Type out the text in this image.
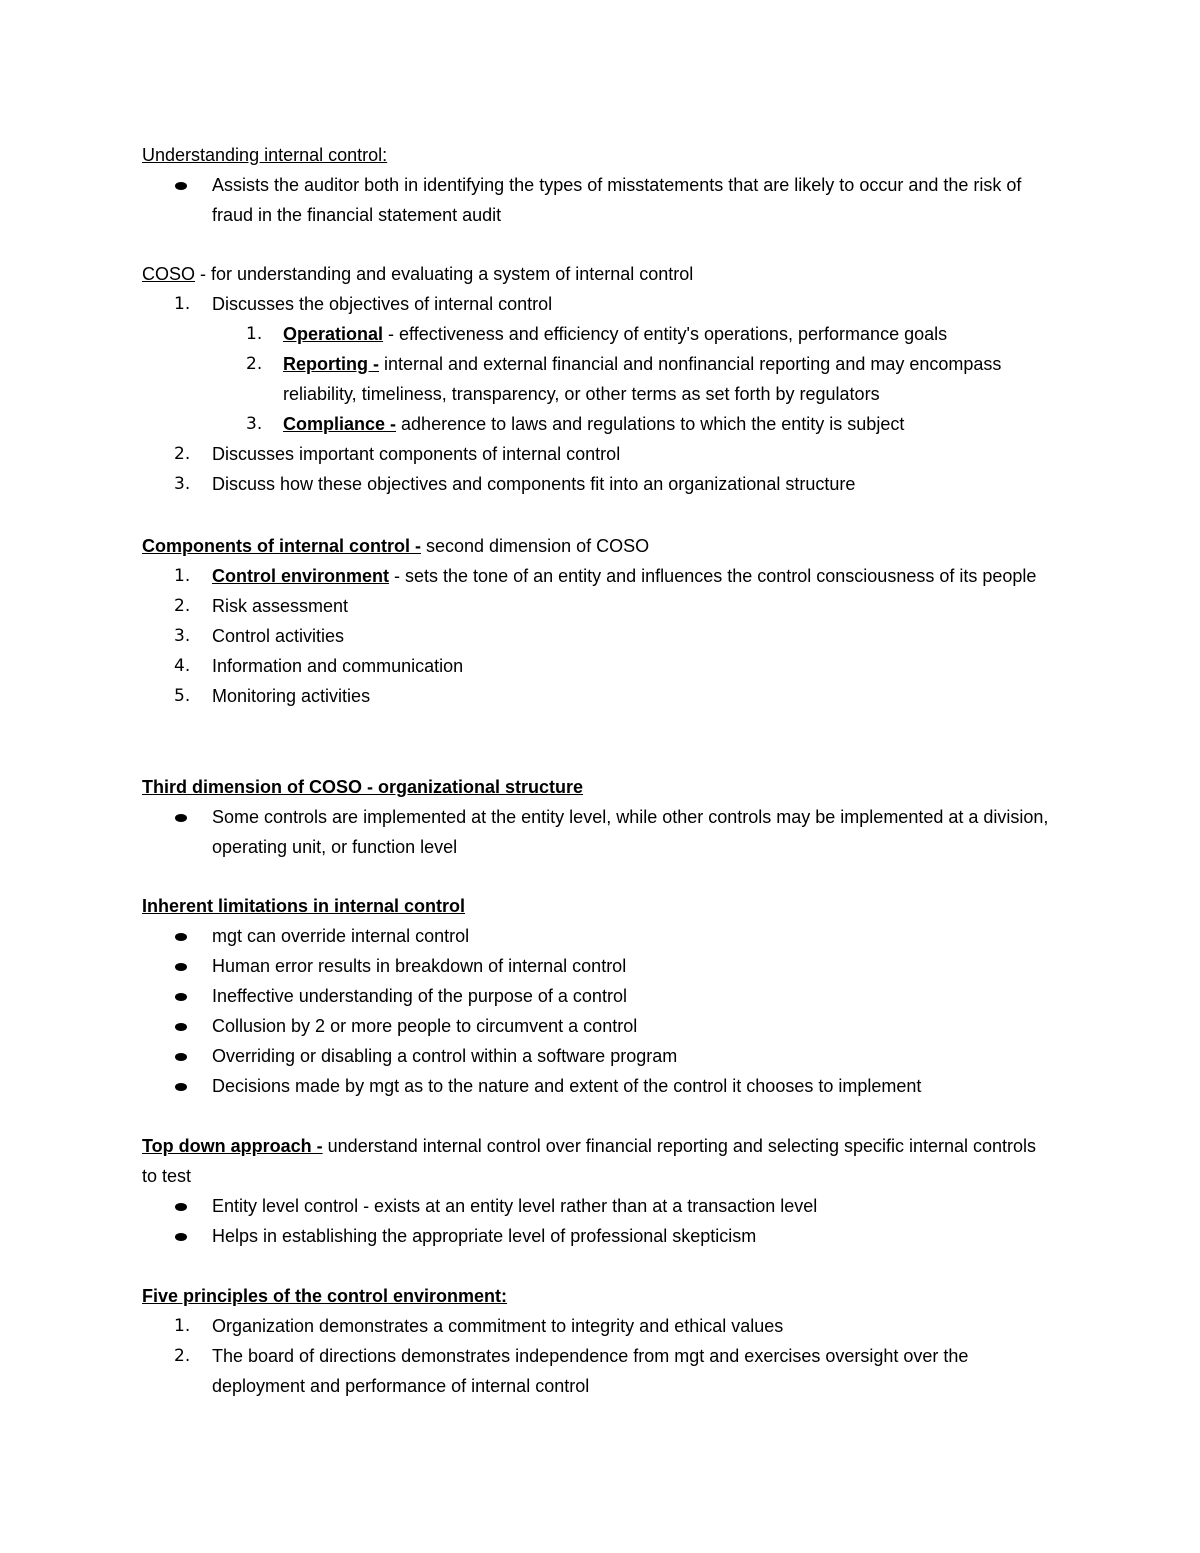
Understanding internal control:
Assists the auditor both in identifying the types of misstatements that are likely to occur and the risk of fraud in the financial statement audit
COSO - for understanding and evaluating a system of internal control
1. Discusses the objectives of internal control
1. Operational - effectiveness and efficiency of entity's operations, performance goals
2. Reporting - internal and external financial and nonfinancial reporting and may encompass reliability, timeliness, transparency, or other terms as set forth by regulators
3. Compliance - adherence to laws and regulations to which the entity is subject
2. Discusses important components of internal control
3. Discuss how these objectives and components fit into an organizational structure
Components of internal control - second dimension of COSO
1. Control environment - sets the tone of an entity and influences the control consciousness of its people
2. Risk assessment
3. Control activities
4. Information and communication
5. Monitoring activities
Third dimension of COSO - organizational structure
Some controls are implemented at the entity level, while other controls may be implemented at a division, operating unit, or function level
Inherent limitations in internal control
mgt can override internal control
Human error results in breakdown of internal control
Ineffective understanding of the purpose of a control
Collusion by 2 or more people to circumvent a control
Overriding or disabling a control within a software program
Decisions made by mgt as to the nature and extent of the control it chooses to implement
Top down approach - understand internal control over financial reporting and selecting specific internal controls to test
Entity level control - exists at an entity level rather than at a transaction level
Helps in establishing the appropriate level of professional skepticism
Five principles of the control environment:
1. Organization demonstrates a commitment to integrity and ethical values
2. The board of directions demonstrates independence from mgt and exercises oversight over the deployment and performance of internal control
